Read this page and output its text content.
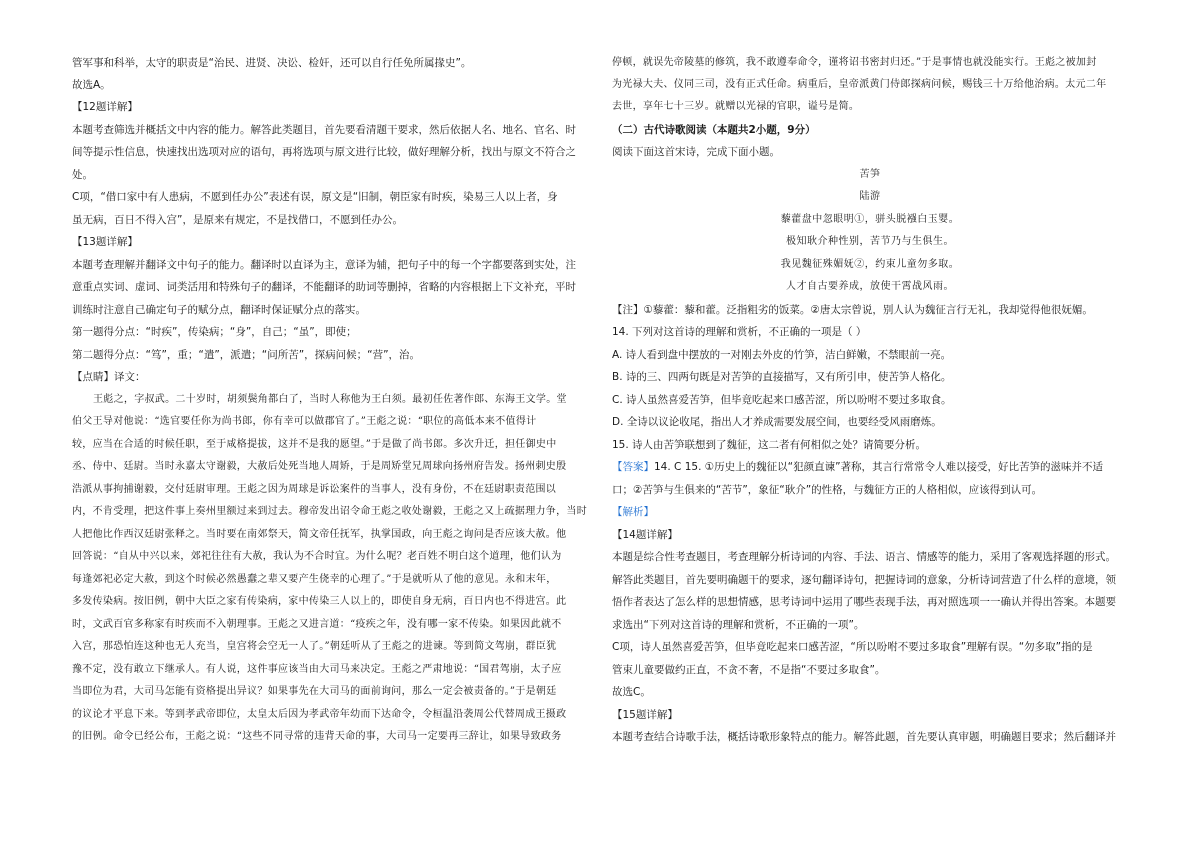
管军事和科举，太守的职责是“治民、进贤、决讼、检奸，还可以自行任免所属掾史”。
故选A。
【12题详解】
本题考查筛选并概括文中内容的能力。解答此类题目，首先要看清题干要求，然后依据人名、地名、官名、时
间等提示性信息，快速找出选项对应的语句，再将选项与原文进行比较，做好理解分析，找出与原文不符合之
处。
C项，“借口家中有人患病，不愿到任办公”表述有误，原文是“旧制，朝臣家有时疾，染易三人以上者，身
虽无病，百日不得入宫”，是原来有规定，不是找借口，不愿到任办公。
【13题详解】
本题考查理解并翻译文中句子的能力。翻译时以直译为主，意译为辅，把句子中的每一个字都要落到实处，注
意重点实词、虚词、词类活用和特殊句子的翻译，不能翻译的助词等删掉，省略的内容根据上下文补充，平时
训练时注意自己确定句子的赋分点，翻译时保证赋分点的落实。
第一题得分点：“时疾”，传染病；“身”，自己；“虽”，即使；
第二题得分点：“笃”，重；“遣”，派遣；“问所苦”，探病问候；“营”，治。
【点睛】译文：
王彪之，字叔武。二十岁时，胡须鬓角都白了，当时人称他为王白须。最初任佐著作郎、东海王文学。堂
伯父王导对他说：“选官要任你为尚书郎，你有幸可以做郡官了。”王彪之说：“职位的高低本来不值得计
较，应当在合适的时候任职，至于咸格提拔，这并不是我的愿望。”于是做了尚书郎。多次升迁，担任御史中
丞、侍中、廷尉。当时永嘉太守谢毅，大赦后处死当地人周矫，于是周矫堂兄周球向扬州府告发。扬州刺史殷
浩派从事拘捕谢毅，交付廷尉审理。王彪之因为周球是诉讼案件的当事人，没有身份，不在廷尉职责范围以
内，不肯受理，把这件事上奏州里额过来到过去。穆帝发出诏令命王彪之收处谢毅，王彪之又上疏据理力争，当时
人把他比作西汉廷尉张释之。当时要在南郊祭天，简文帝任抚军，执掌国政，向王彪之询问是否应该大赦。他
回答说：“自从中兴以来，郊祀往往有大赦，我认为不合时宜。为什么呢？老百姓不明白这个道理，他们认为
每逢郊祀必定大赦，到这个时候必然愚蠢之辈又要产生侥幸的心理了。”于是就听从了他的意见。永和末年，
多发传染病。按旧例，朝中大臣之家有传染病，家中传染三人以上的，即使自身无病，百日内也不得进宫。此
时，文武百官多称家有时疾而不入朝理事。王彪之又进言道：“疫疾之年，没有哪一家不传染。如果因此就不
入宫，那恐怕连这种也无人充当，皇宫将会空无一人了。”朝廷听从了王彪之的进谏。等到简文驾崩，群臣犹
豫不定，没有敢立下继承人。有人说，这件事应该当由大司马来决定。王彪之严肃地说：“国君驾崩，太子应
当即位为君，大司马怎能有资格提出异议？如果事先在大司马的面前询问，那么一定会被责备的。”于是朝廷
的议论才平息下来。等到孝武帝即位，太皇太后因为孝武帝年幼而下达命令，令桓温沿袭周公代替周成王摄政
的旧例。命令已经公布，王彪之说：“这些不同寻常的违背天命的事，大司马一定要再三辞让，如果导致政务
停顿，就误先帝陵墓的修筑，我不敢遵奉命令，谨将诏书密封归还。”于是事情也就没能实行。王彪之被加封
为光禄大夫、仪同三司，没有正式任命。病重后，皇帝派黄门侍郎探病问候，赐钱三十万给他治病。太元二年
去世，享年七十三岁。就赠以光禄的官职，谥号是简。
（二）古代诗歌阅读（本题共2小题，9分）
阅读下面这首宋诗，完成下面小题。
苦笋
陆游
藜藿盘中忽眼明①，骈头脱襁白玉婴。
极知耿介种性别，苦节乃与生俱生。
我见魏征殊媚妩②，约束儿童勿多取。
人才自古要养成，放使干霄战风雨。
【注】①藜藿：藜和藿。泛指粗劣的饭菜。②唐太宗曾说，别人认为魏征言行无礼，我却觉得他很妩媚。
14. 下列对这首诗的理解和赏析，不正确的一项是（ ）
A. 诗人看到盘中摆放的一对刚去外皮的竹笋，洁白鲜嫩，不禁眼前一亮。
B. 诗的三、四两句既是对苦笋的直接描写，又有所引申，使苦笋人格化。
C. 诗人虽然喜爱苦笋，但毕竟吃起来口感苦涩，所以吩咐不要过多取食。
D. 全诗以议论收尾，指出人才养成需要发展空间，也要经受风雨磨炼。
15. 诗人由苦笋联想到了魏征，这二者有何相似之处？请简要分析。
【答案】14. C 15. ①历史上的魏征以“犯颜直谏”著称，其言行常常令人难以接受，好比苦笋的滋味并不适
口；②苦笋与生俱来的“苦节”，象征“耿介”的性格，与魏征方正的人格相似，应该得到认可。
【解析】
【14题详解】
本题是综合性考查题目，考查理解分析诗词的内容、手法、语言、情感等的能力，采用了客观选择题的形式。
解答此类题目，首先要明确题干的要求，逐句翻译诗句，把握诗词的意象，分析诗词营造了什么样的意境，领
悟作者表达了怎么样的思想情感，思考诗词中运用了哪些表现手法，再对照选项一一确认并得出答案。本题要
求选出“下列对这首诗的理解和赏析，不正确的一项”。
C项，诗人虽然喜爱苦笋，但毕竟吃起来口感苦涩，“所以吩咐不要过多取食”理解有误。“勿多取”指的是
管束儿童要做约正直，不贪不奢，不是指“不要过多取食”。
故选C。
【15题详解】
本题考查结合诗歌手法，概括诗歌形象特点的能力。解答此题，首先要认真审题，明确题目要求；然后翻译并
